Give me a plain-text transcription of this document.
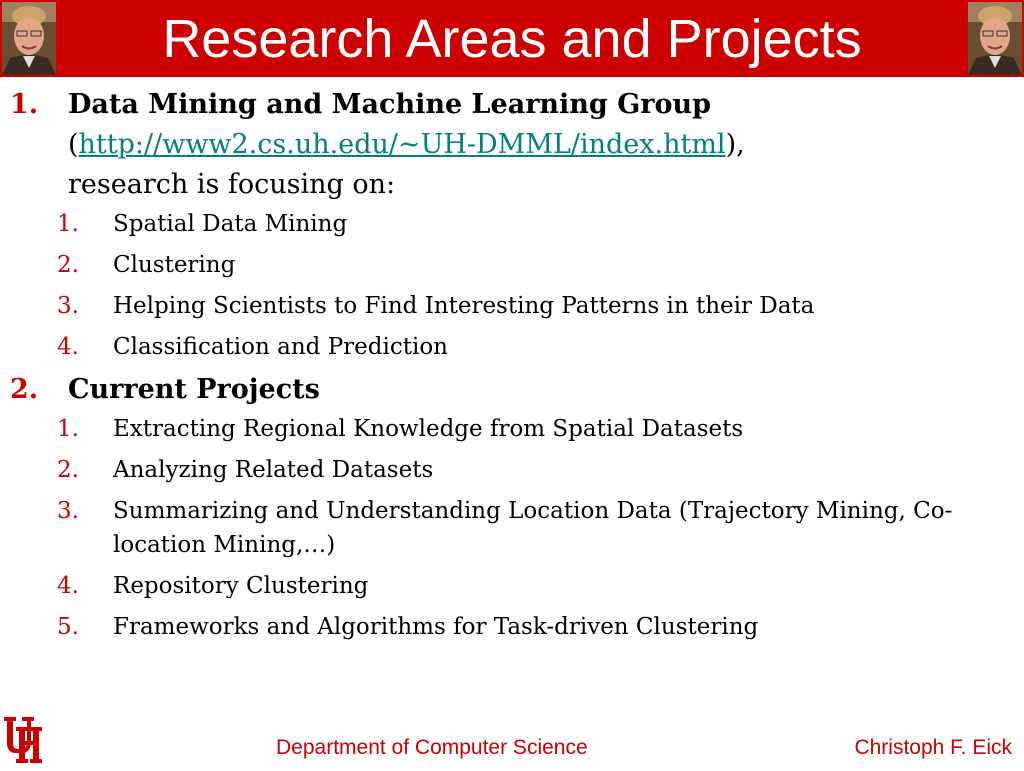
Research Areas and Projects
1. Data Mining and Machine Learning Group
(http://www2.cs.uh.edu/~UH-DMML/index.html),
research is focusing on:
1. Spatial Data Mining
2. Clustering
3. Helping Scientists to Find Interesting Patterns in their Data
4. Classification and Prediction
2. Current Projects
1. Extracting Regional Knowledge from Spatial Datasets
2. Analyzing Related Datasets
3. Summarizing and Understanding Location Data (Trajectory Mining, Co-location Mining,…)
4. Repository Clustering
5. Frameworks and Algorithms for Task-driven Clustering
Department of Computer Science	Christoph F. Eick
